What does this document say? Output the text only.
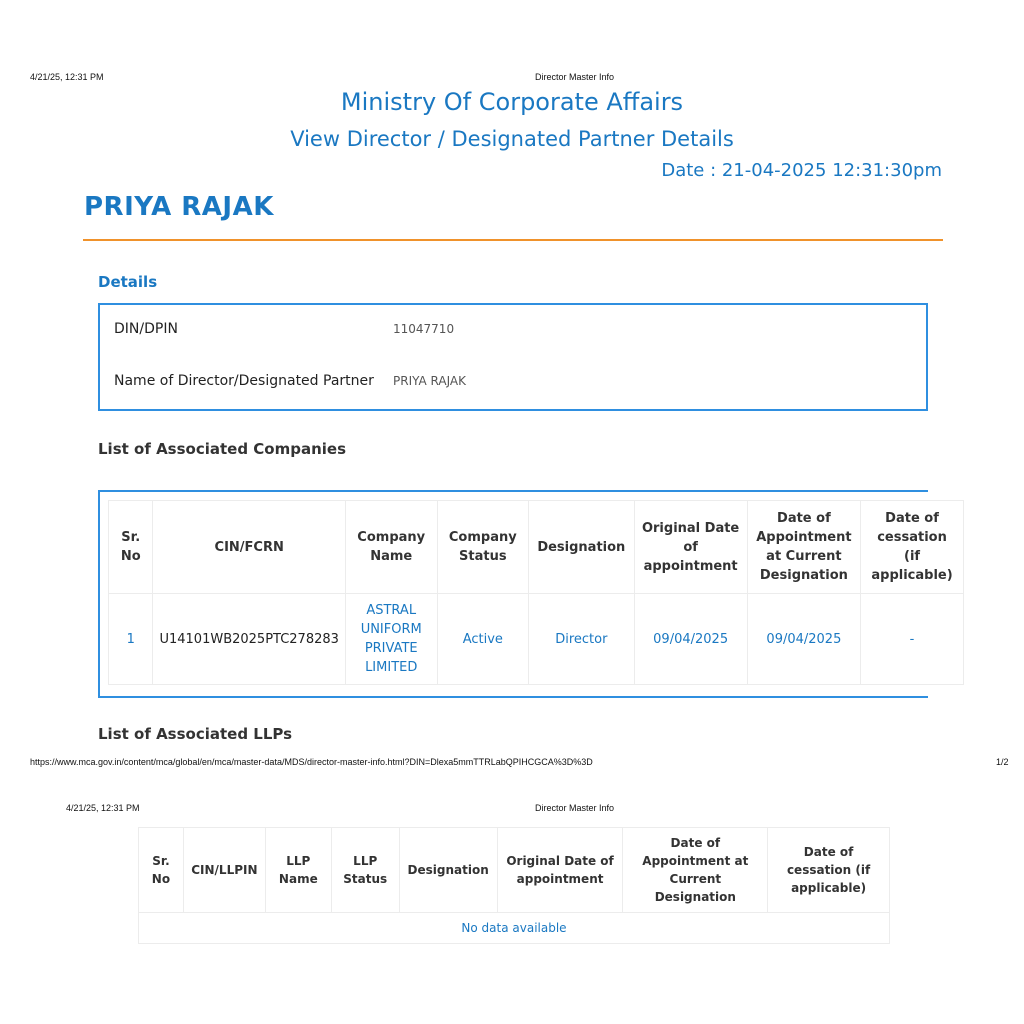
4/21/25, 12:31 PM	Director Master Info
Ministry Of Corporate Affairs
View Director / Designated Partner Details
Date : 21-04-2025 12:31:30pm
PRIYA RAJAK
Details
DIN/DPIN	11047710
Name of Director/Designated Partner PRIYA RAJAK
List of Associated Companies
Sr. No	CIN/FCRN	Company Name	Company Status	Designation	Original Date of appointment	Date of Appointment at Current Designation	Date of cessation (if applicable)
1	U14101WB2025PTC278283	ASTRAL UNIFORM PRIVATE LIMITED	Active	Director	09/04/2025	09/04/2025	-
List of Associated LLPs
https://www.mca.gov.in/content/mca/global/en/mca/master-data/MDS/director-master-info.html?DIN=Dlexa5mmTTRLabQPIHCGCA%3D%3D	1/2
4/21/25, 12:31 PM	Director Master Info
Sr. No	CIN/LLPIN	LLP Name	LLP Status	Designation	Original Date of appointment	Date of Appointment at Current Designation	Date of cessation (if applicable)
No data available
